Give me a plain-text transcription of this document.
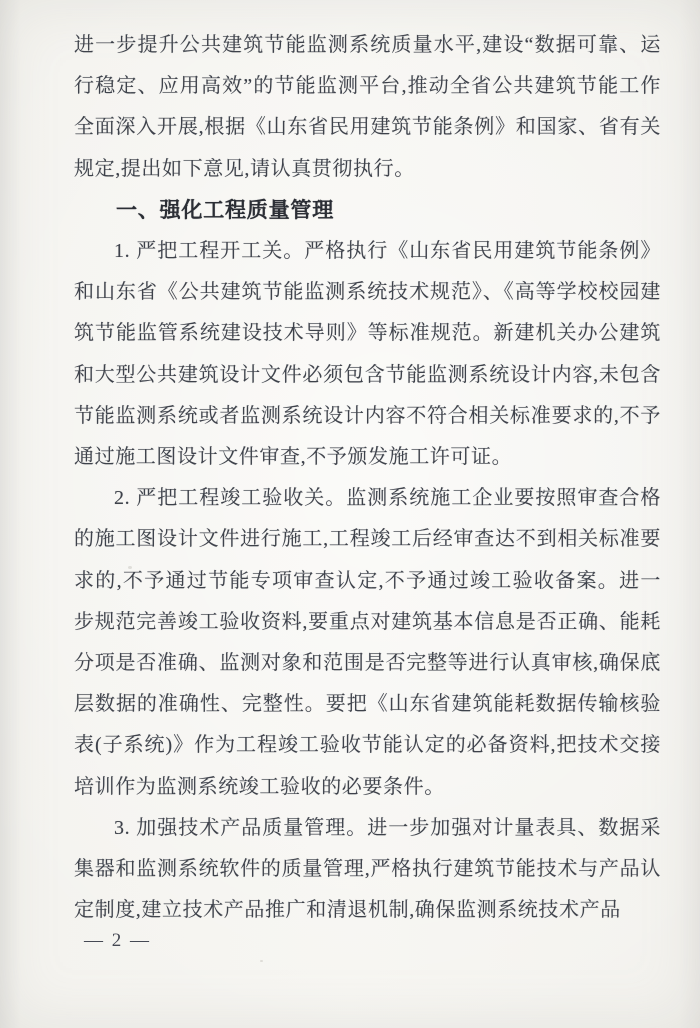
进一步提升公共建筑节能监测系统质量水平,建设“数据可靠、运行稳定、应用高效”的节能监测平台,推动全省公共建筑节能工作全面深入开展,根据《山东省民用建筑节能条例》和国家、省有关规定,提出如下意见,请认真贯彻执行。

一、强化工程质量管理

1. 严把工程开工关。严格执行《山东省民用建筑节能条例》和山东省《公共建筑节能监测系统技术规范》、《高等学校校园建筑节能监管系统建设技术导则》等标准规范。新建机关办公建筑和大型公共建筑设计文件必须包含节能监测系统设计内容,未包含节能监测系统或者监测系统设计内容不符合相关标准要求的,不予通过施工图设计文件审查,不予颁发施工许可证。

2. 严把工程竣工验收关。监测系统施工企业要按照审查合格的施工图设计文件进行施工,工程竣工后经审查达不到相关标准要求的,不予通过节能专项审查认定,不予通过竣工验收备案。进一步规范完善竣工验收资料,要重点对建筑基本信息是否正确、能耗分项是否准确、监测对象和范围是否完整等进行认真审核,确保底层数据的准确性、完整性。要把《山东省建筑能耗数据传输核验表(子系统)》作为工程竣工验收节能认定的必备资料,把技术交接培训作为监测系统竣工验收的必要条件。

3. 加强技术产品质量管理。进一步加强对计量表具、数据采集器和监测系统软件的质量管理,严格执行建筑节能技术与产品认定制度,建立技术产品推广和清退机制,确保监测系统技术产品

— 2 —
